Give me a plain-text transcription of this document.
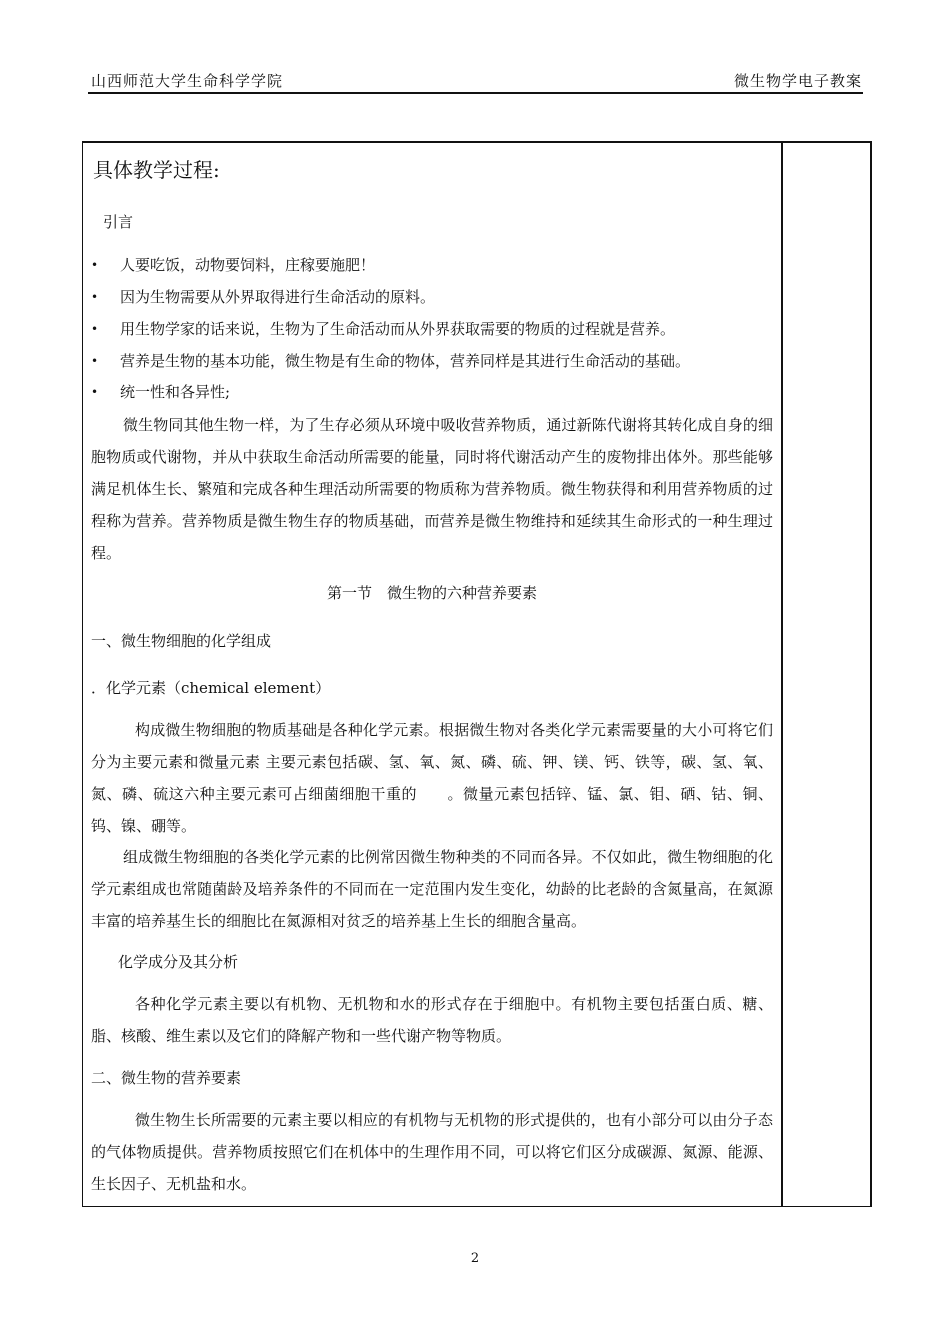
山西师范大学生命科学学院	微生物学电子教案
具体教学过程:
引言
• 人要吃饭，动物要饲料，庄稼要施肥！
• 因为生物需要从外界取得进行生命活动的原料。
• 用生物学家的话来说，生物为了生命活动而从外界获取需要的物质的过程就是营养。
• 营养是生物的基本功能，微生物是有生命的物体，营养同样是其进行生命活动的基础。
• 统一性和各异性;
微生物同其他生物一样，为了生存必须从环境中吸收营养物质，通过新陈代谢将其转化成自身的细胞物质或代谢物，并从中获取生命活动所需要的能量，同时将代谢活动产生的废物排出体外。那些能够满足机体生长、繁殖和完成各种生理活动所需要的物质称为营养物质。微生物获得和利用营养物质的过程称为营养。营养物质是微生物生存的物质基础，而营养是微生物维持和延续其生命形式的一种生理过程。
第一节　微生物的六种营养要素
一、微生物细胞的化学组成
．化学元素（chemical element）
构成微生物细胞的物质基础是各种化学元素。根据微生物对各类化学元素需要量的大小可将它们分为主要元素和微量元素 主要元素包括碳、氢、氧、氮、磷、硫、钾、镁、钙、铁等，碳、氢、氧、氮、磷、硫这六种主要元素可占细菌细胞干重的 。微量元素包括锌、锰、氯、钼、硒、钴、铜、钨、镍、硼等。
组成微生物细胞的各类化学元素的比例常因微生物种类的不同而各异。不仅如此，微生物细胞的化学元素组成也常随菌龄及培养条件的不同而在一定范围内发生变化，幼龄的比老龄的含氮量高，在氮源丰富的培养基生长的细胞比在氮源相对贫乏的培养基上生长的细胞含量高。
化学成分及其分析
各种化学元素主要以有机物、无机物和水的形式存在于细胞中。有机物主要包括蛋白质、糖、脂、核酸、维生素以及它们的降解产物和一些代谢产物等物质。
二、微生物的营养要素
微生物生长所需要的元素主要以相应的有机物与无机物的形式提供的，也有小部分可以由分子态的气体物质提供。营养物质按照它们在机体中的生理作用不同，可以将它们区分成碳源、氮源、能源、生长因子、无机盐和水。
2
